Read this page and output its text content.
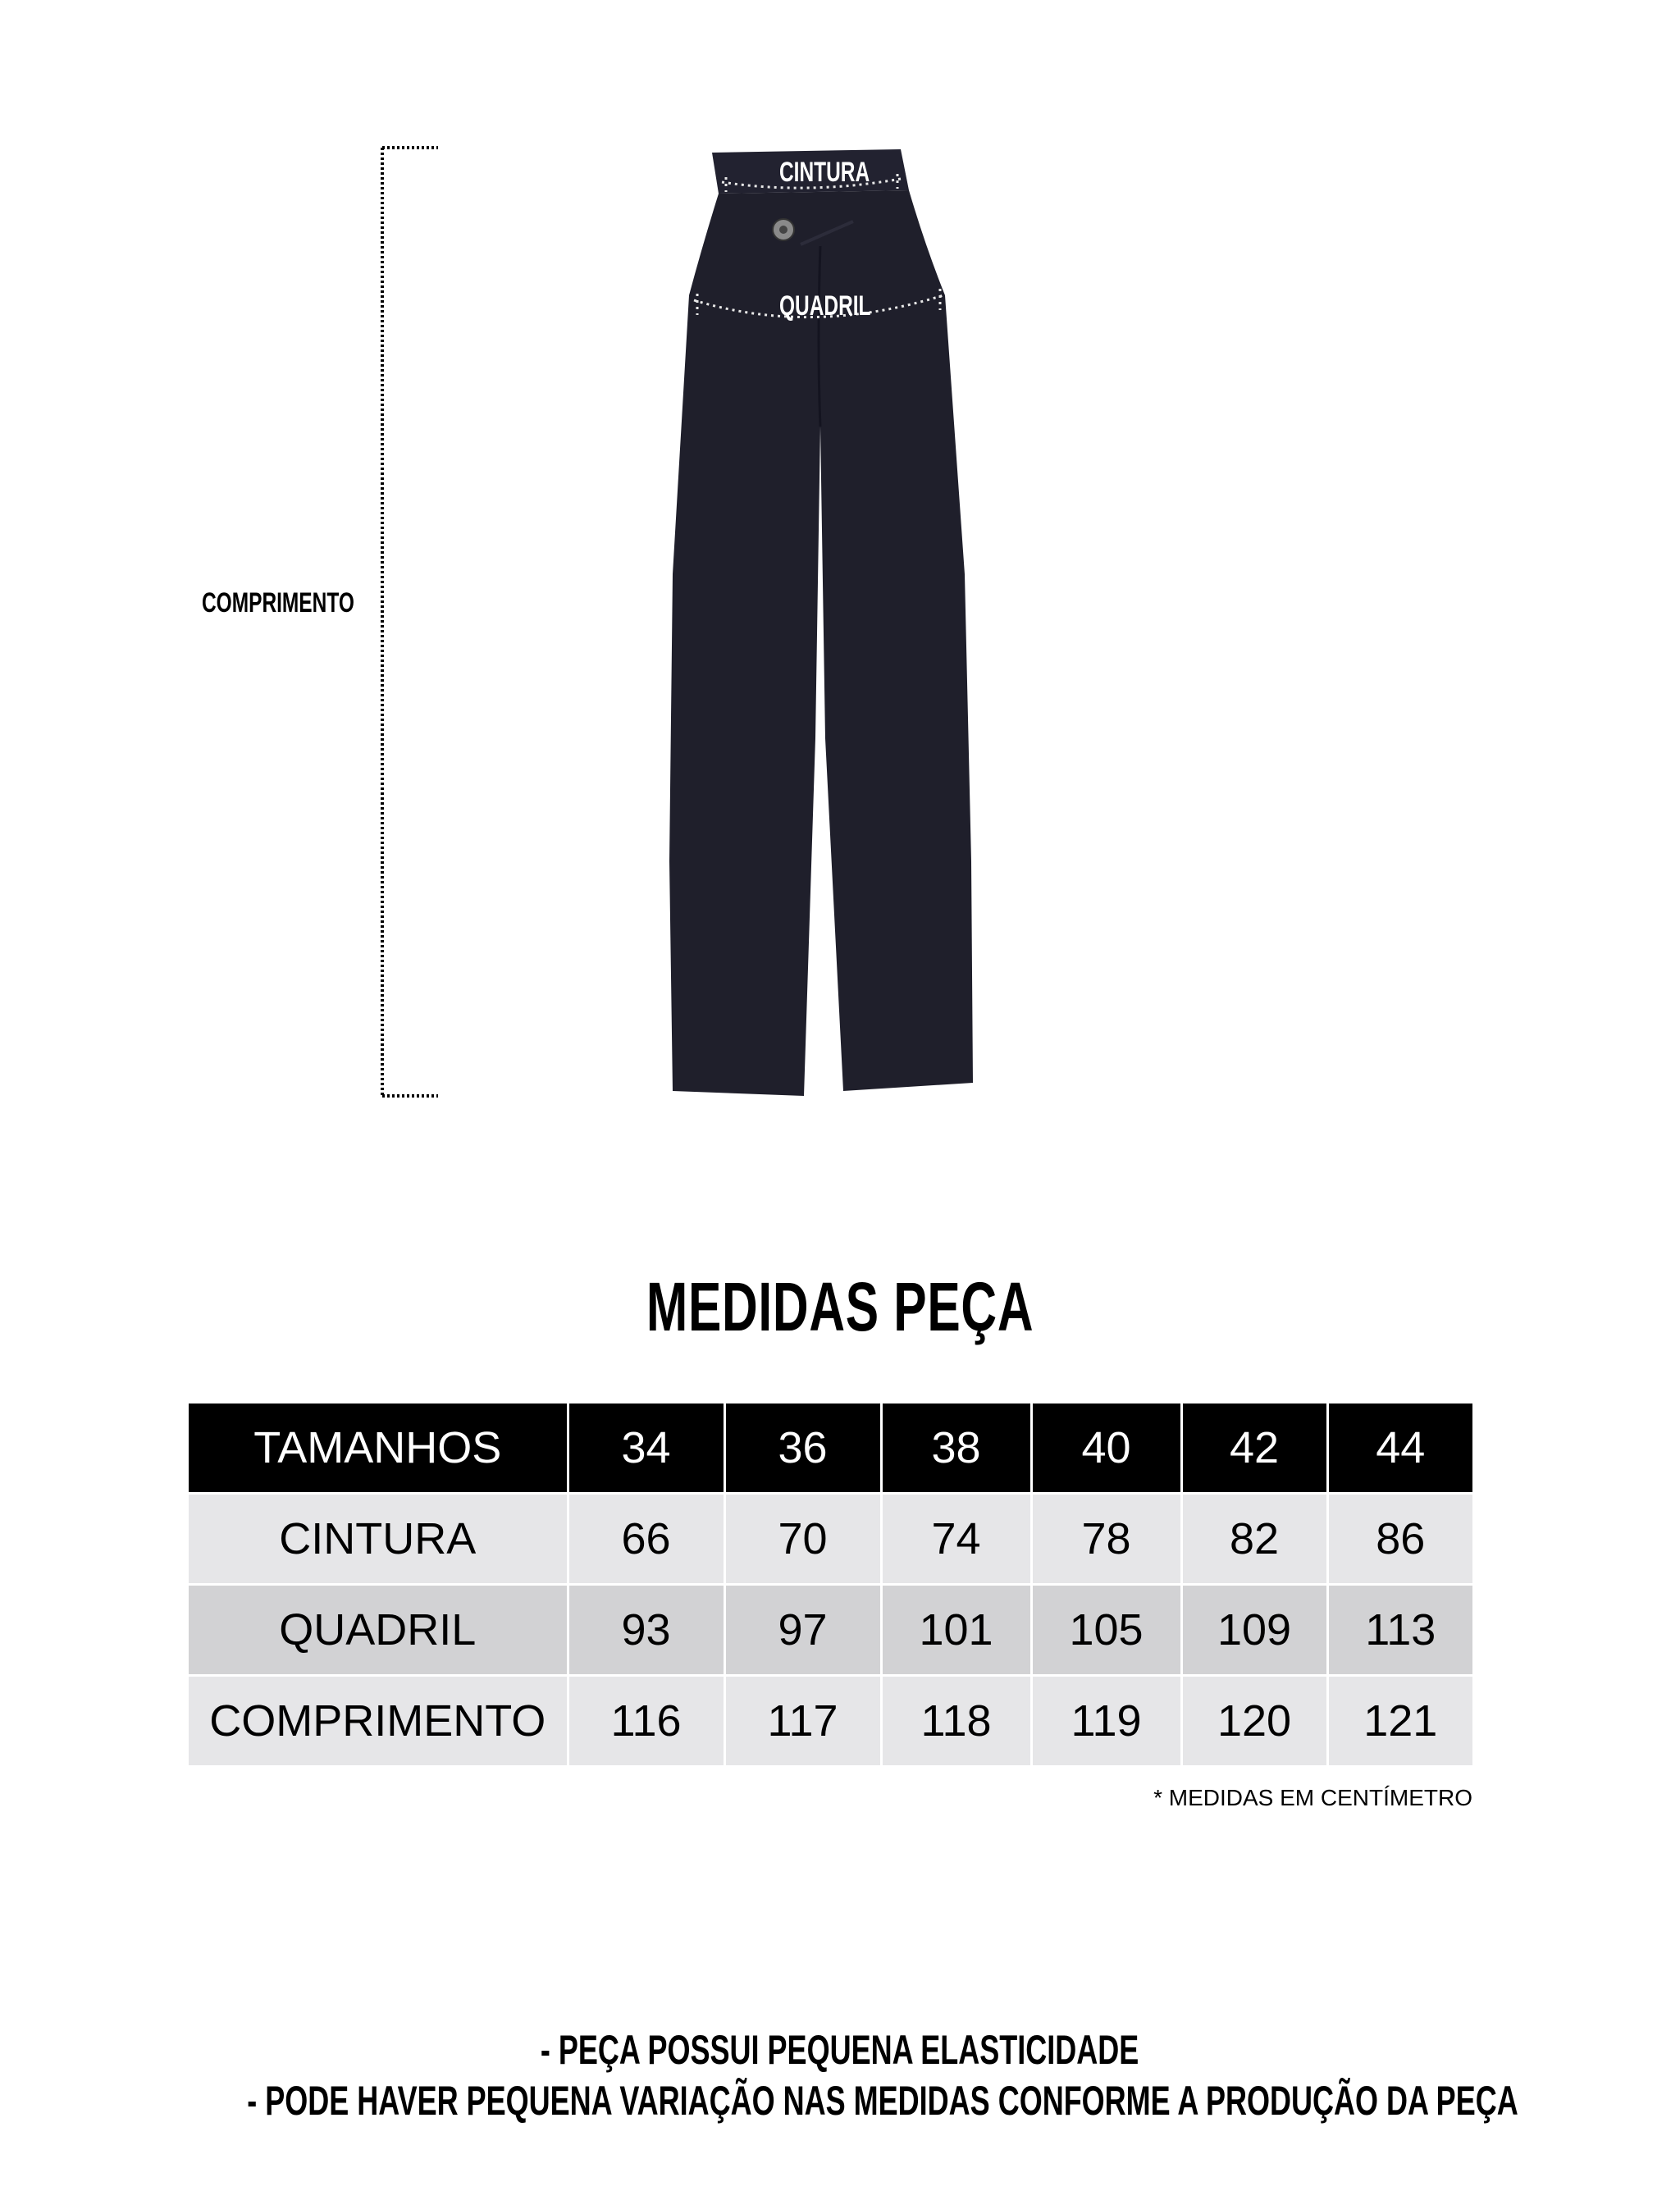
COMPRIMENTO
CINTURA
QUADRIL
MEDIDAS PEÇA
TAMANHOS	34	36	38	40	42	44
CINTURA	66	70	74	78	82	86
QUADRIL	93	97	101	105	109	113
COMPRIMENTO	116	117	118	119	120	121
* MEDIDAS EM CENTÍMETRO
- PEÇA POSSUI PEQUENA ELASTICIDADE
- PODE HAVER PEQUENA VARIAÇÃO NAS MEDIDAS CONFORME A PRODUÇÃO DA PEÇA
